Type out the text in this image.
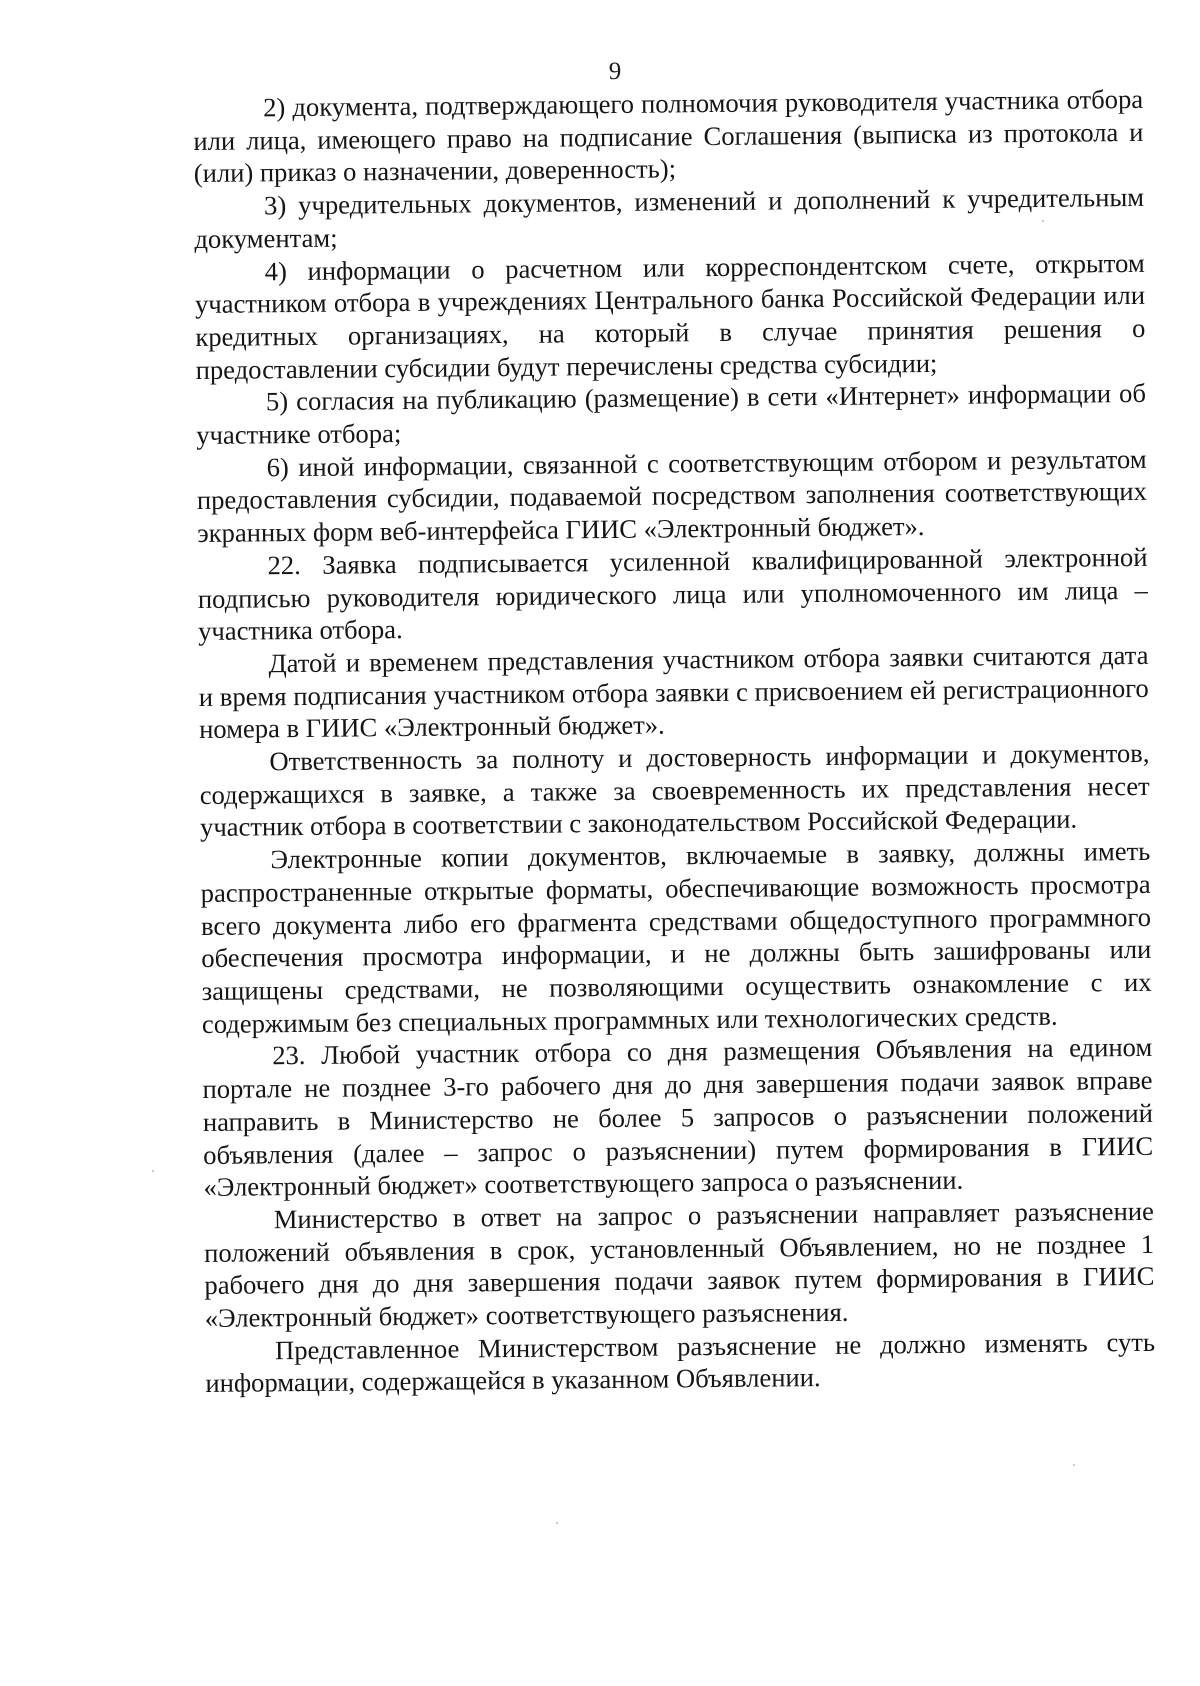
9

2) документа, подтверждающего полномочия руководителя участника отбора или лица, имеющего право на подписание Соглашения (выписка из протокола и (или) приказ о назначении, доверенность);

3) учредительных документов, изменений и дополнений к учредительным документам;

4) информации о расчетном или корреспондентском счете, открытом участником отбора в учреждениях Центрального банка Российской Федерации или кредитных организациях, на который в случае принятия решения о предоставлении субсидии будут перечислены средства субсидии;

5) согласия на публикацию (размещение) в сети «Интернет» информации об участнике отбора;

6) иной информации, связанной с соответствующим отбором и результатом предоставления субсидии, подаваемой посредством заполнения соответствующих экранных форм веб-интерфейса ГИИС «Электронный бюджет».

22. Заявка подписывается усиленной квалифицированной электронной подписью руководителя юридического лица или уполномоченного им лица – участника отбора.

Датой и временем представления участником отбора заявки считаются дата и время подписания участником отбора заявки с присвоением ей регистрационного номера в ГИИС «Электронный бюджет».

Ответственность за полноту и достоверность информации и документов, содержащихся в заявке, а также за своевременность их представления несет участник отбора в соответствии с законодательством Российской Федерации.

Электронные копии документов, включаемые в заявку, должны иметь распространенные открытые форматы, обеспечивающие возможность просмотра всего документа либо его фрагмента средствами общедоступного программного обеспечения просмотра информации, и не должны быть зашифрованы или защищены средствами, не позволяющими осуществить ознакомление с их содержимым без специальных программных или технологических средств.

23. Любой участник отбора со дня размещения Объявления на едином портале не позднее 3-го рабочего дня до дня завершения подачи заявок вправе направить в Министерство не более 5 запросов о разъяснении положений объявления (далее – запрос о разъяснении) путем формирования в ГИИС «Электронный бюджет» соответствующего запроса о разъяснении.

Министерство в ответ на запрос о разъяснении направляет разъяснение положений объявления в срок, установленный Объявлением, но не позднее 1 рабочего дня до дня завершения подачи заявок путем формирования в ГИИС «Электронный бюджет» соответствующего разъяснения.

Представленное Министерством разъяснение не должно изменять суть информации, содержащейся в указанном Объявлении.
